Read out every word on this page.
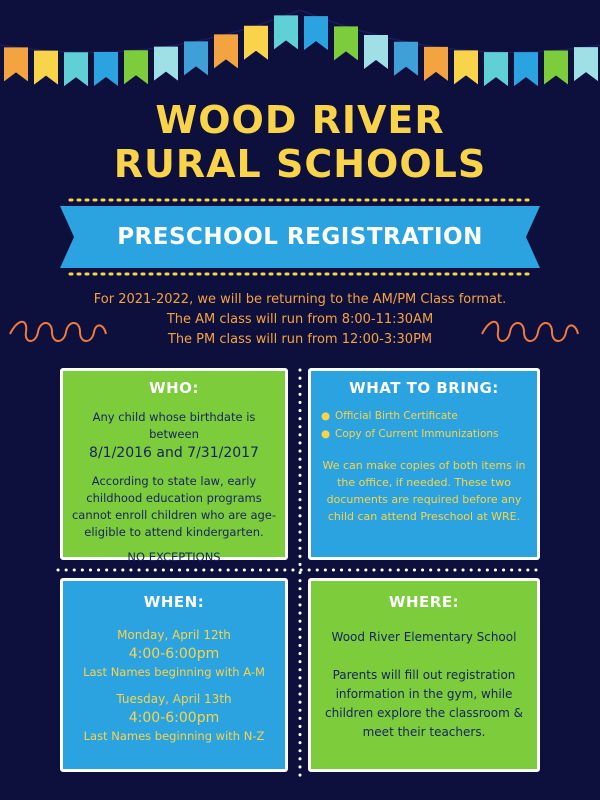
WOOD RIVER
RURAL SCHOOLS
PRESCHOOL REGISTRATION
For 2021-2022, we will be returning to the AM/PM Class format.
The AM class will run from 8:00-11:30AM
The PM class will run from 12:00-3:30PM
WHO:
Any child whose birthdate is between
8/1/2016 and 7/31/2017
According to state law, early childhood education programs cannot enroll children who are age-eligible to attend kindergarten.
NO EXCEPTIONS
WHAT TO BRING:
● Official Birth Certificate
● Copy of Current Immunizations
We can make copies of both items in the office, if needed. These two documents are required before any child can attend Preschool at WRE.
WHEN:
Monday, April 12th
4:00-6:00pm
Last Names beginning with A-M
Tuesday, April 13th
4:00-6:00pm
Last Names beginning with N-Z
WHERE:
Wood River Elementary School
Parents will fill out registration information in the gym, while children explore the classroom & meet their teachers.
